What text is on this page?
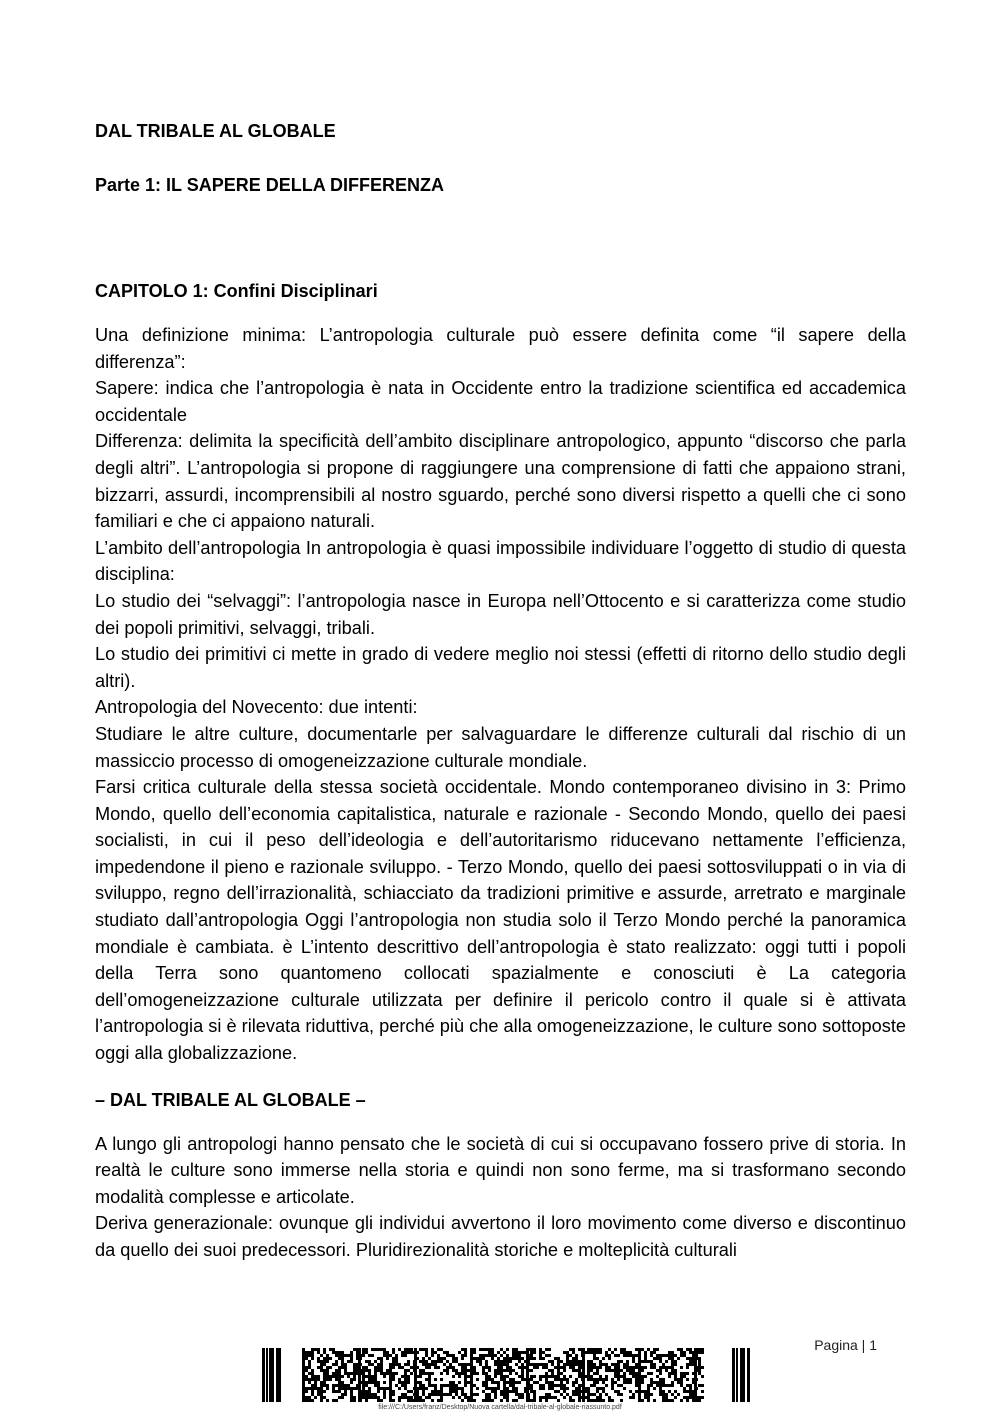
DAL TRIBALE AL GLOBALE

Parte 1: IL SAPERE DELLA DIFFERENZA

CAPITOLO 1: Confini Disciplinari

Una definizione minima: L’antropologia culturale può essere definita come “il sapere della differenza”:

Sapere: indica che l’antropologia è nata in Occidente entro la tradizione scientifica ed accademica occidentale

Differenza: delimita la specificità dell’ambito disciplinare antropologico, appunto “discorso che parla degli altri”. L’antropologia si propone di raggiungere una comprensione di fatti che appaiono strani, bizzarri, assurdi, incomprensibili al nostro sguardo, perché sono diversi rispetto a quelli che ci sono familiari e che ci appaiono naturali.

L’ambito dell’antropologia In antropologia è quasi impossibile individuare l’oggetto di studio di questa disciplina:

Lo studio dei “selvaggi”: l’antropologia nasce in Europa nell’Ottocento e si caratterizza come studio dei popoli primitivi, selvaggi, tribali.

Lo studio dei primitivi ci mette in grado di vedere meglio noi stessi (effetti di ritorno dello studio degli altri).

Antropologia del Novecento: due intenti:

Studiare le altre culture, documentarle per salvaguardare le differenze culturali dal rischio di un massiccio processo di omogeneizzazione culturale mondiale.

Farsi critica culturale della stessa società occidentale. Mondo contemporaneo divisino in 3: Primo Mondo, quello dell’economia capitalistica, naturale e razionale - Secondo Mondo, quello dei paesi socialisti, in cui il peso dell’ideologia e dell’autoritarismo riducevano nettamente l’efficienza, impedendone il pieno e razionale sviluppo. - Terzo Mondo, quello dei paesi sottosviluppati o in via di sviluppo, regno dell’irrazionalità, schiacciato da tradizioni primitive e assurde, arretrato e marginale studiato dall’antropologia Oggi l’antropologia non studia solo il Terzo Mondo perché la panoramica mondiale è cambiata. è L’intento descrittivo dell’antropologia è stato realizzato: oggi tutti i popoli della Terra sono quantomeno collocati spazialmente e conosciuti è La categoria dell’omogeneizzazione culturale utilizzata per definire il pericolo contro il quale si è attivata l’antropologia si è rilevata riduttiva, perché più che alla omogeneizzazione, le culture sono sottoposte oggi alla globalizzazione.

– DAL TRIBALE AL GLOBALE –

A lungo gli antropologi hanno pensato che le società di cui si occupavano fossero prive di storia. In realtà le culture sono immerse nella storia e quindi non sono ferme, ma si trasformano secondo modalità complesse e articolate.

Deriva generazionale: ovunque gli individui avvertono il loro movimento come diverso e discontinuo da quello dei suoi predecessori. Pluridirezionalità storiche e molteplicità culturali

Pagina | 1
file:///C:/Users/franz/Desktop/Nuova cartella/dal-tribale-al-globale-riassunto.pdf
